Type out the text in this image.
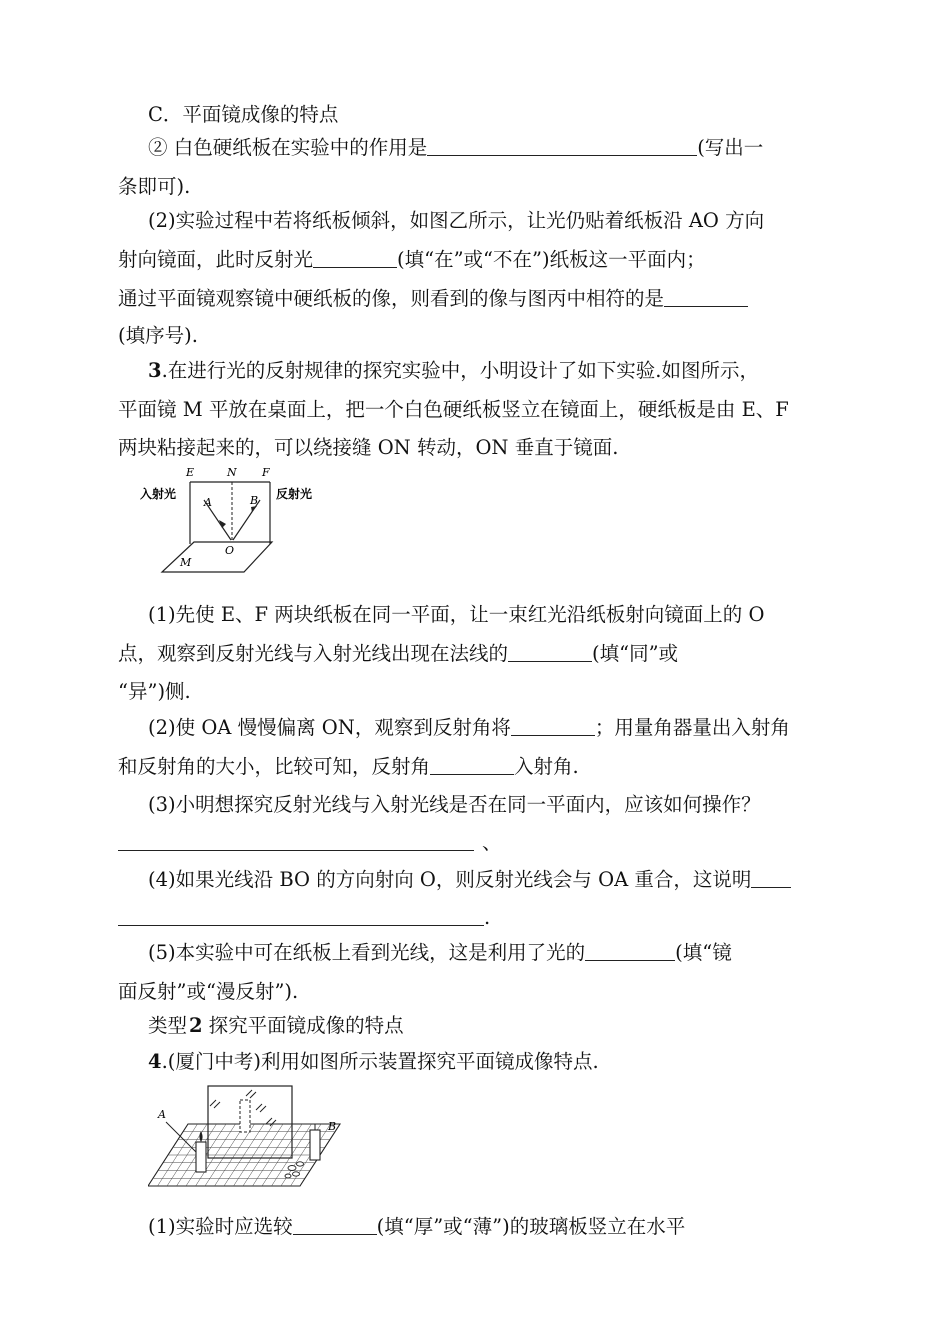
C．平面镜成像的特点
② 白色硬纸板在实验中的作用是	(写出一
条即可).
(2)实验过程中若将纸板倾斜，如图乙所示，让光仍贴着纸板沿 AO 方向
射向镜面，此时反射光	(填“在”或“不在”)纸板这一平面内；
通过平面镜观察镜中硬纸板的像，则看到的像与图丙中相符的是
(填序号).
3.在进行光的反射规律的探究实验中，小明设计了如下实验.如图所示，
平面镜 M 平放在桌面上，把一个白色硬纸板竖立在镜面上，硬纸板是由 E、F
两块粘接起来的，可以绕接缝 ON 转动，ON 垂直于镜面.
E	N F
入射光	反射光
A	B
O
M
(1)先使 E、F 两块纸板在同一平面，让一束红光沿纸板射向镜面上的 O
点，观察到反射光线与入射光线出现在法线的	(填“同”或
“异”)侧.
(2)使 OA 慢慢偏离 ON，观察到反射角将	；用量角器量出入射角
和反射角的大小，比较可知，反射角	入射角.
(3)小明想探究反射光线与入射光线是否在同一平面内，应该如何操作？
、
(4)如果光线沿 BO 的方向射向 O，则反射光线会与 OA 重合，这说明
.
(5)本实验中可在纸板上看到光线，这是利用了光的	(填“镜
面反射”或“漫反射”).
类型 2 探究平面镜成像的特点
4.(厦门中考)利用如图所示装置探究平面镜成像特点.
A
B
(1)实验时应选较	(填“厚”或“薄”)的玻璃板竖立在水平
